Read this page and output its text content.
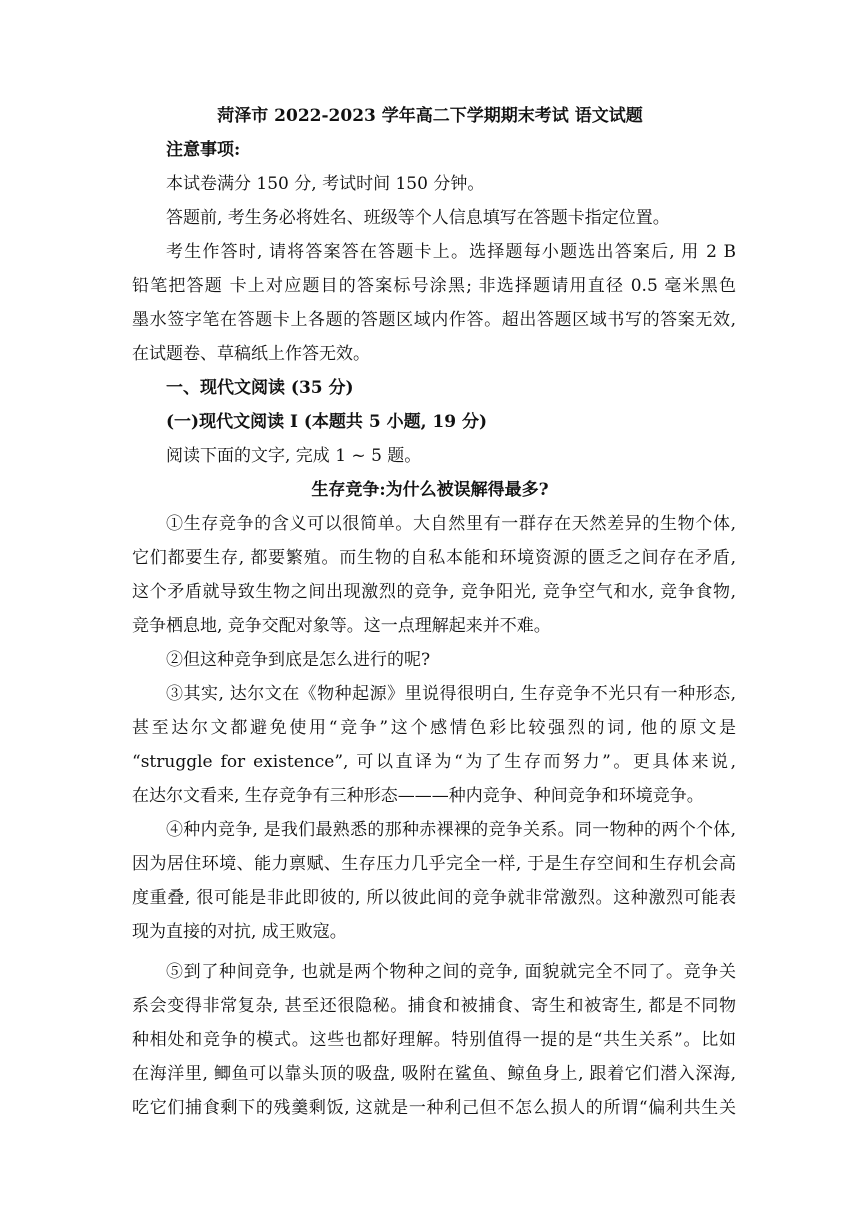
菏泽市 2022-2023 学年高二下学期期末考试 语文试题
注意事项:
本试卷满分 150 分, 考试时间 150 分钟。
答题前, 考生务必将姓名、班级等个人信息填写在答题卡指定位置。
考生作答时, 请将答案答在答题卡上。选择题每小题选出答案后, 用 2 B
铅笔把答题 卡上对应题目的答案标号涂黑; 非选择题请用直径 0.5 毫米黑色
墨水签字笔在答题卡上各题的答题区域内作答。超出答题区域书写的答案无效,
在试题卷、草稿纸上作答无效。
一、现代文阅读 (35 分)
(一)现代文阅读 I (本题共 5 小题, 19 分)
阅读下面的文字, 完成 1 ~ 5 题。
生存竞争:为什么被误解得最多?
①生存竞争的含义可以很简单。大自然里有一群存在天然差异的生物个体,
它们都要生存, 都要繁殖。而生物的自私本能和环境资源的匮乏之间存在矛盾,
这个矛盾就导致生物之间出现激烈的竞争, 竞争阳光, 竞争空气和水, 竞争食物,
竞争栖息地, 竞争交配对象等。这一点理解起来并不难。
②但这种竞争到底是怎么进行的呢?
③其实, 达尔文在《物种起源》里说得很明白, 生存竞争不光只有一种形态,
甚至达尔文都避免使用“竞争”这个感情色彩比较强烈的词, 他的原文是
“struggle for existence”, 可以直译为“为了生存而努力”。更具体来说,
在达尔文看来, 生存竞争有三种形态———种内竞争、种间竞争和环境竞争。
④种内竞争, 是我们最熟悉的那种赤裸裸的竞争关系。同一物种的两个个体,
因为居住环境、能力禀赋、生存压力几乎完全一样, 于是生存空间和生存机会高
度重叠, 很可能是非此即彼的, 所以彼此间的竞争就非常激烈。这种激烈可能表
现为直接的对抗, 成王败寇。
⑤到了种间竞争, 也就是两个物种之间的竞争, 面貌就完全不同了。竞争关
系会变得非常复杂, 甚至还很隐秘。捕食和被捕食、寄生和被寄生, 都是不同物
种相处和竞争的模式。这些也都好理解。特别值得一提的是“共生关系”。比如
在海洋里, 鲫鱼可以靠头顶的吸盘, 吸附在鲨鱼、鲸鱼身上, 跟着它们潜入深海,
吃它们捕食剩下的残羹剩饭, 这就是一种利己但不怎么损人的所谓“偏利共生关
